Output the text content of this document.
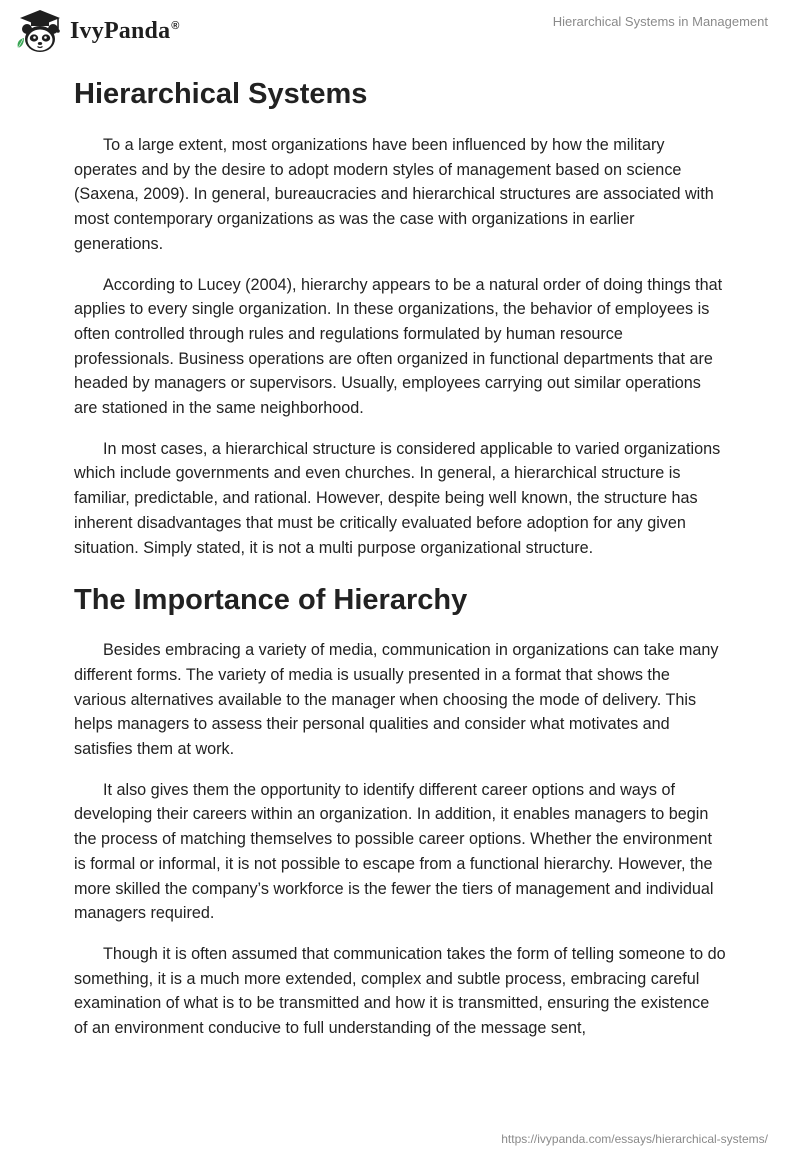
IvyPanda®	Hierarchical Systems in Management
Hierarchical Systems

To a large extent, most organizations have been influenced by how the military operates and by the desire to adopt modern styles of management based on science (Saxena, 2009). In general, bureaucracies and hierarchical structures are associated with most contemporary organizations as was the case with organizations in earlier generations.

According to Lucey (2004), hierarchy appears to be a natural order of doing things that applies to every single organization. In these organizations, the behavior of employees is often controlled through rules and regulations formulated by human resource professionals. Business operations are often organized in functional departments that are headed by managers or supervisors. Usually, employees carrying out similar operations are stationed in the same neighborhood.

In most cases, a hierarchical structure is considered applicable to varied organizations which include governments and even churches. In general, a hierarchical structure is familiar, predictable, and rational. However, despite being well known, the structure has inherent disadvantages that must be critically evaluated before adoption for any given situation. Simply stated, it is not a multi purpose organizational structure.

The Importance of Hierarchy

Besides embracing a variety of media, communication in organizations can take many different forms. The variety of media is usually presented in a format that shows the various alternatives available to the manager when choosing the mode of delivery. This helps managers to assess their personal qualities and consider what motivates and satisfies them at work.

It also gives them the opportunity to identify different career options and ways of developing their careers within an organization. In addition, it enables managers to begin the process of matching themselves to possible career options. Whether the environment is formal or informal, it is not possible to escape from a functional hierarchy. However, the more skilled the company’s workforce is the fewer the tiers of management and individual managers required.

Though it is often assumed that communication takes the form of telling someone to do something, it is a much more extended, complex and subtle process, embracing careful examination of what is to be transmitted and how it is transmitted, ensuring the existence of an environment conducive to full understanding of the message sent,

https://ivypanda.com/essays/hierarchical-systems/
